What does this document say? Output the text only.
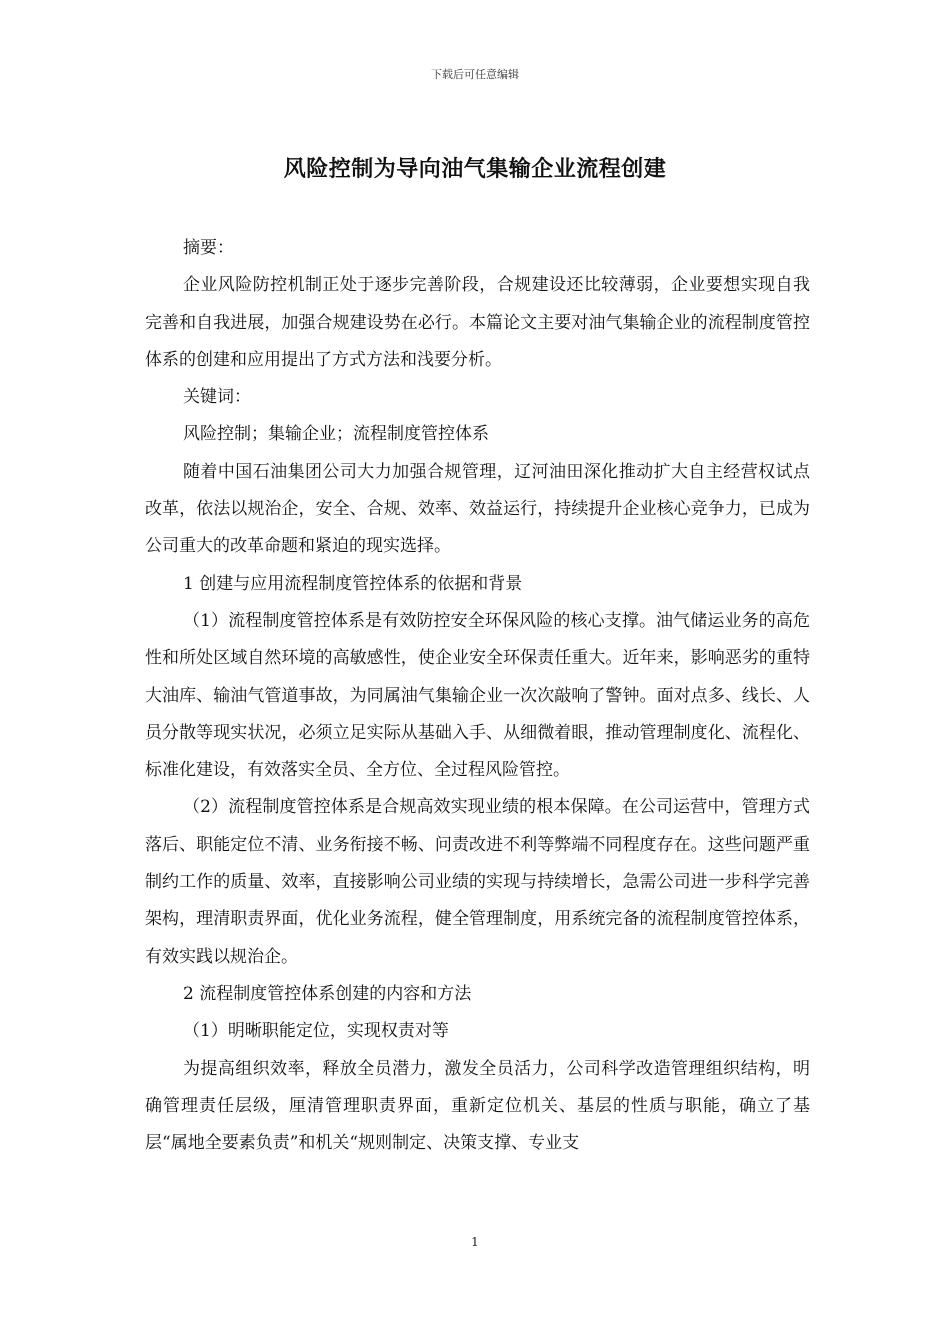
下载后可任意编辑
风险控制为导向油气集输企业流程创建

摘要：

企业风险防控机制正处于逐步完善阶段，合规建设还比较薄弱，企业要想实现自我完善和自我进展，加强合规建设势在必行。本篇论文主要对油气集输企业的流程制度管控体系的创建和应用提出了方式方法和浅要分析。

关键词：

风险控制；集输企业；流程制度管控体系

随着中国石油集团公司大力加强合规管理，辽河油田深化推动扩大自主经营权试点改革，依法以规治企，安全、合规、效率、效益运行，持续提升企业核心竞争力，已成为公司重大的改革命题和紧迫的现实选择。

1 创建与应用流程制度管控体系的依据和背景

（1）流程制度管控体系是有效防控安全环保风险的核心支撑。油气储运业务的高危性和所处区域自然环境的高敏感性，使企业安全环保责任重大。近年来，影响恶劣的重特大油库、输油气管道事故，为同属油气集输企业一次次敲响了警钟。面对点多、线长、人员分散等现实状况，必须立足实际从基础入手、从细微着眼，推动管理制度化、流程化、标准化建设，有效落实全员、全方位、全过程风险管控。

（2）流程制度管控体系是合规高效实现业绩的根本保障。在公司运营中，管理方式落后、职能定位不清、业务衔接不畅、问责改进不利等弊端不同程度存在。这些问题严重制约工作的质量、效率，直接影响公司业绩的实现与持续增长，急需公司进一步科学完善架构，理清职责界面，优化业务流程，健全管理制度，用系统完备的流程制度管控体系，有效实践以规治企。

2 流程制度管控体系创建的内容和方法

（1）明晰职能定位，实现权责对等

为提高组织效率，释放全员潜力，激发全员活力，公司科学改造管理组织结构，明确管理责任层级，厘清管理职责界面，重新定位机关、基层的性质与职能，确立了基层“属地全要素负责”和机关“规则制定、决策支撑、专业支

1
